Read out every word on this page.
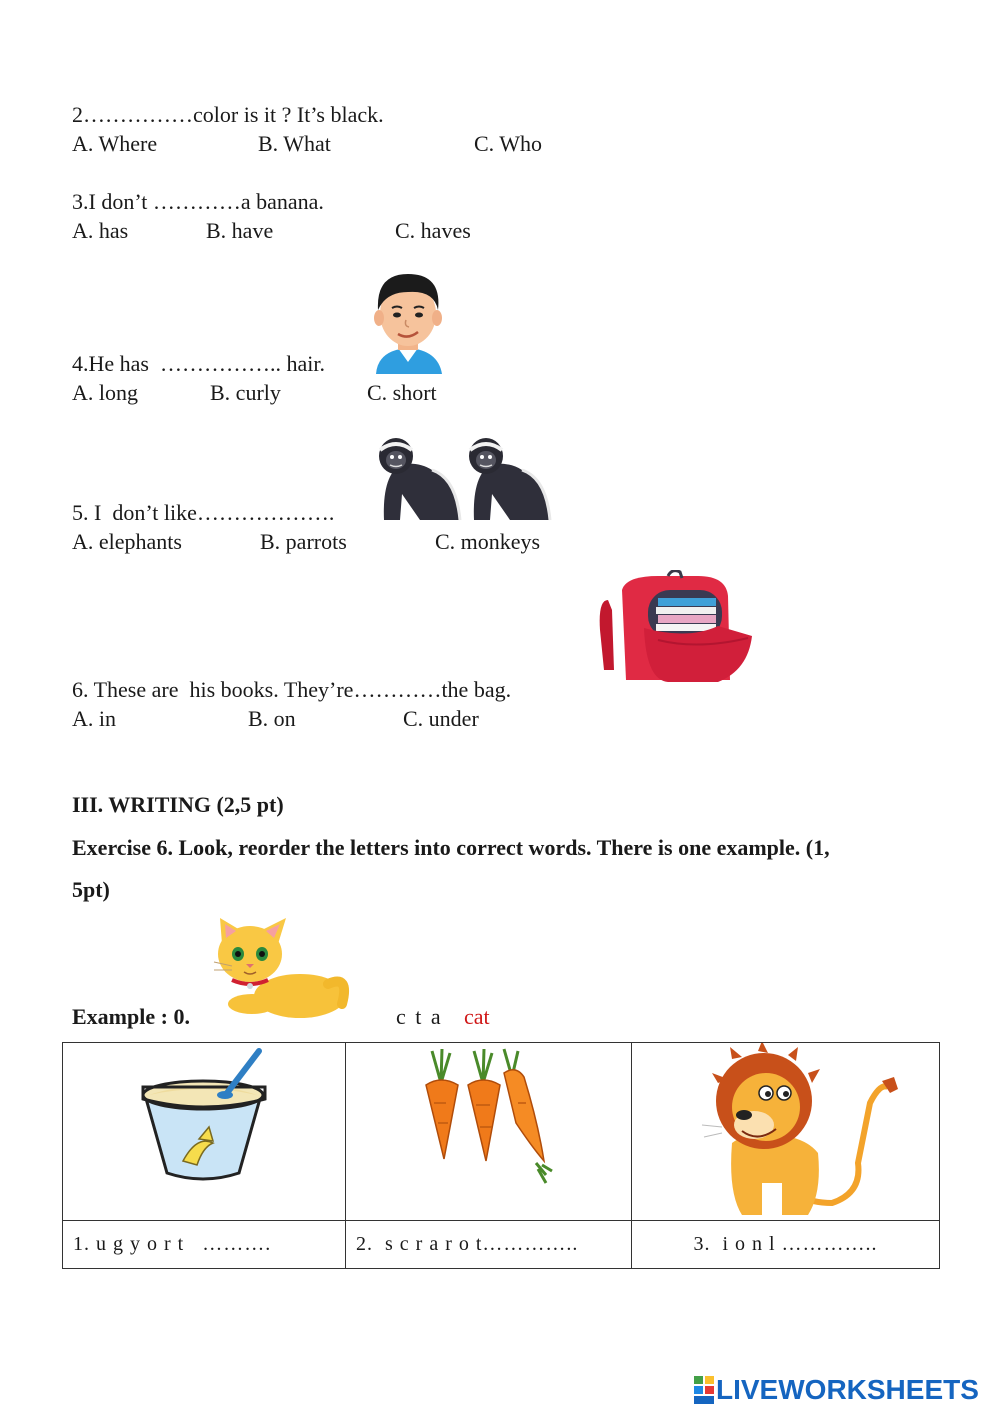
2……………color is it ? It’s black.
A. Where	B. What	C. Who
3.I don’t …………a banana.
A. has	B. have	C. haves
4.He has  …………….. hair.
A. long	B. curly	C. short
5. I  don’t like……………….
A. elephants	B. parrots	C. monkeys
6. These are  his books. They’re…………the bag.
A. in	B. on	C. under
III. WRITING (2,5 pt)
Exercise 6. Look, reorder the letters into correct words. There is one example. (1,
5pt)
Example : 0.	c t a cat

1. u g y o r t   ……….	2.  s c r a r o t…………..	3.  i o n l …………..
LIVEWORKSHEETS
